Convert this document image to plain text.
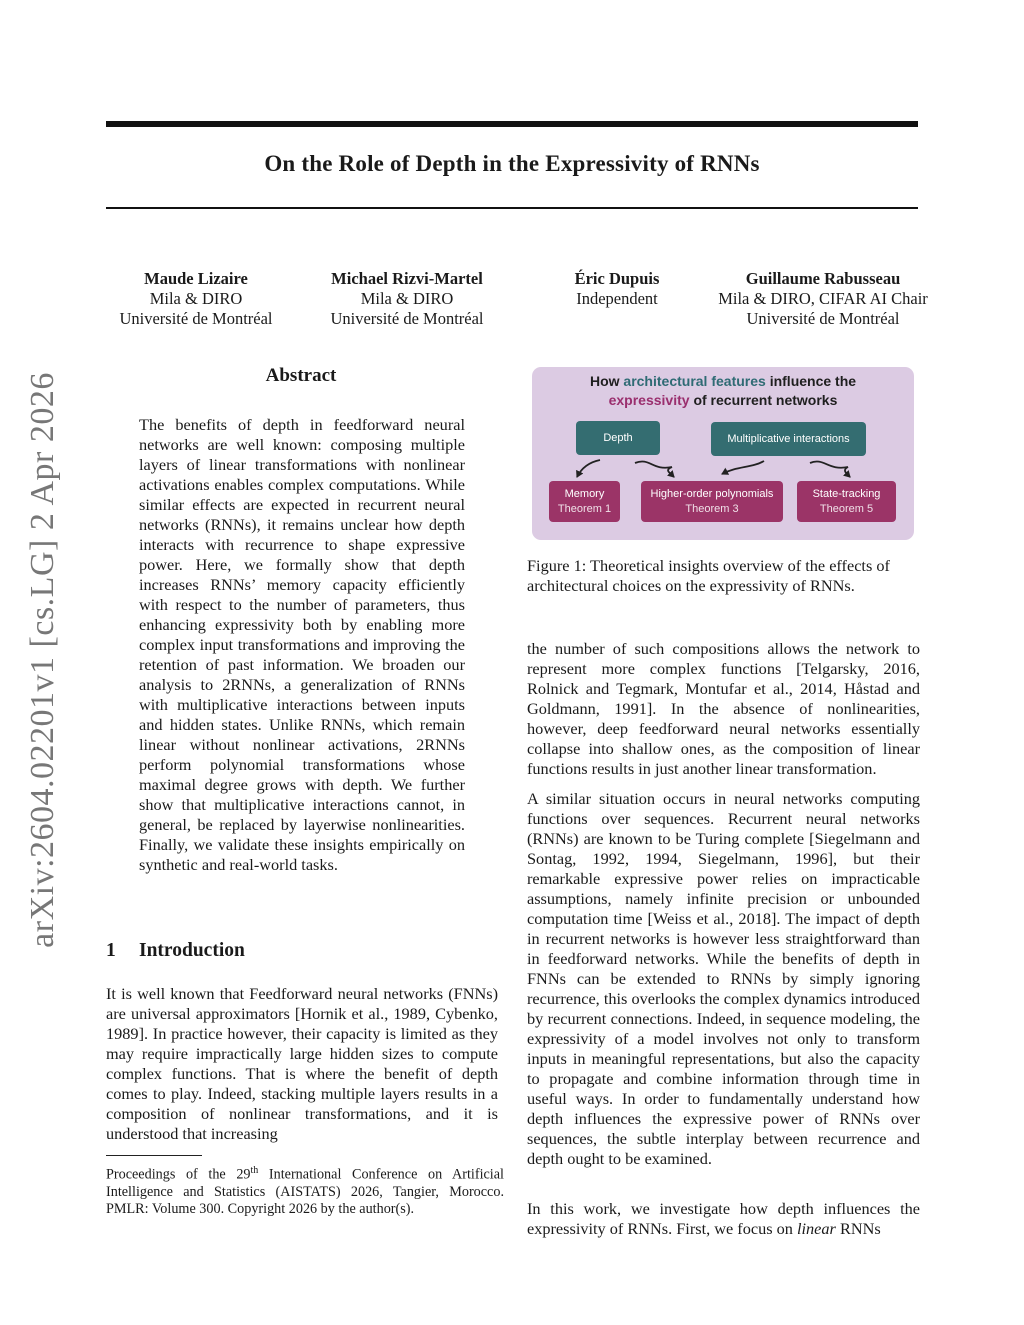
arXiv:2604.02201v1 [cs.LG] 2 Apr 2026
On the Role of Depth in the Expressivity of RNNs
Maude Lizaire
Mila & DIRO
Université de Montréal
Michael Rizvi-Martel
Mila & DIRO
Université de Montréal
Éric Dupuis
Independent
Guillaume Rabusseau
Mila & DIRO, CIFAR AI Chair
Université de Montréal
Abstract
The benefits of depth in feedforward neural networks are well known: composing multiple layers of linear transformations with nonlinear activations enables complex computations. While similar effects are expected in recurrent neural networks (RNNs), it remains unclear how depth interacts with recurrence to shape expressive power. Here, we formally show that depth increases RNNs’ memory capacity efficiently with respect to the number of parameters, thus enhancing expressivity both by enabling more complex input transformations and improving the retention of past information. We broaden our analysis to 2RNNs, a generalization of RNNs with multiplicative interactions between inputs and hidden states. Unlike RNNs, which remain linear without nonlinear activations, 2RNNs perform polynomial transformations whose maximal degree grows with depth. We further show that multiplicative interactions cannot, in general, be replaced by layerwise nonlinearities. Finally, we validate these insights empirically on synthetic and real-world tasks.
1 Introduction
It is well known that Feedforward neural networks (FNNs) are universal approximators [Hornik et al., 1989, Cybenko, 1989]. In practice however, their capacity is limited as they may require impractically large hidden sizes to compute complex functions. That is where the benefit of depth comes to play. Indeed, stacking multiple layers results in a composition of nonlinear transformations, and it is understood that increasing
Proceedings of the 29th International Conference on Artificial Intelligence and Statistics (AISTATS) 2026, Tangier, Morocco. PMLR: Volume 300. Copyright 2026 by the author(s).
How architectural features influence the
expressivity of recurrent networks
Depth	Multiplicative interactions
Memory
Theorem 1
Higher-order polynomials
Theorem 3
State-tracking
Theorem 5
Figure 1: Theoretical insights overview of the effects of architectural choices on the expressivity of RNNs.
the number of such compositions allows the network to represent more complex functions [Telgarsky, 2016, Rolnick and Tegmark, Montufar et al., 2014, Håstad and Goldmann, 1991]. In the absence of nonlinearities, however, deep feedforward neural networks essentially collapse into shallow ones, as the composition of linear functions results in just another linear transformation.
A similar situation occurs in neural networks computing functions over sequences. Recurrent neural networks (RNNs) are known to be Turing complete [Siegelmann and Sontag, 1992, 1994, Siegelmann, 1996], but their remarkable expressive power relies on impracticable assumptions, namely infinite precision or unbounded computation time [Weiss et al., 2018]. The impact of depth in recurrent networks is however less straightforward than in feedforward networks. While the benefits of depth in FNNs can be extended to RNNs by simply ignoring recurrence, this overlooks the complex dynamics introduced by recurrent connections. Indeed, in sequence modeling, the expressivity of a model involves not only to transform inputs in meaningful representations, but also the capacity to propagate and combine information through time in useful ways. In order to fundamentally understand how depth influences the expressive power of RNNs over sequences, the subtle interplay between recurrence and depth ought to be examined.
In this work, we investigate how depth influences the expressivity of RNNs. First, we focus on linear RNNs
